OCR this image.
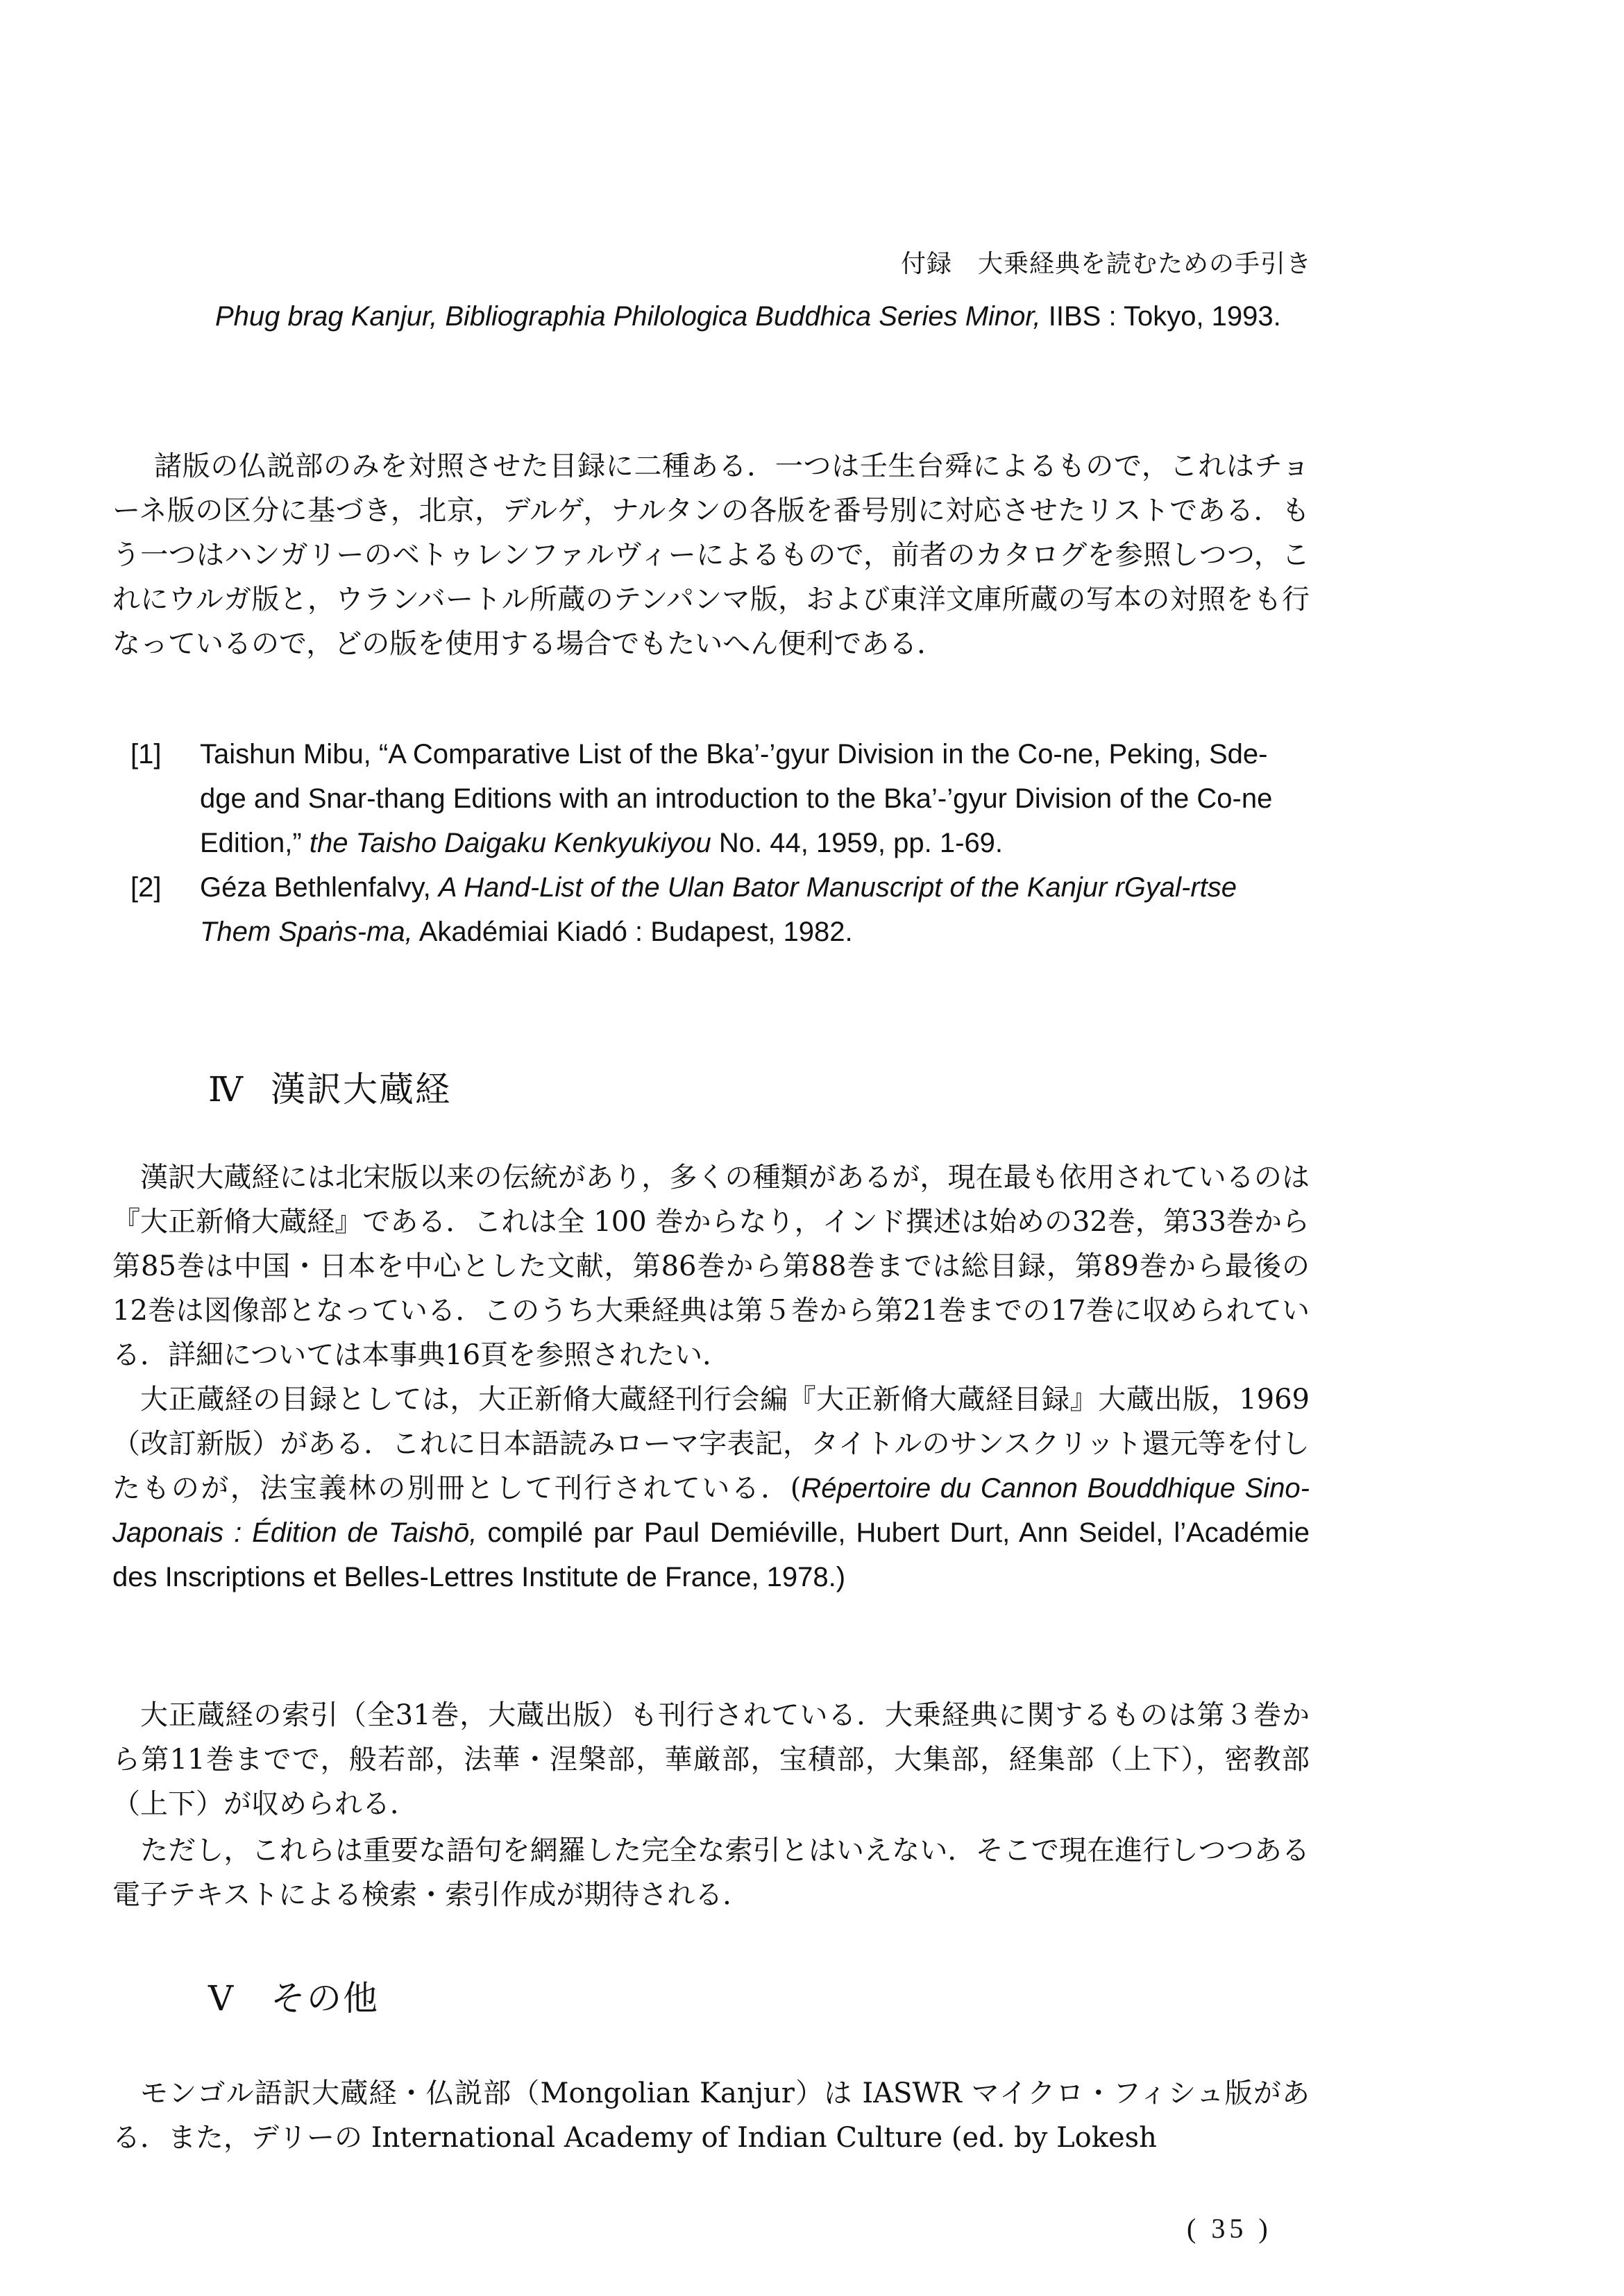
付録　大乗経典を読むための手引き
Phug brag Kanjur, Bibliographia Philologica Buddhica Series Minor, IIBS : Tokyo, 1993.
諸版の仏説部のみを対照させた目録に二種ある．一つは壬生台舜によるもので，これはチョーネ版の区分に基づき，北京，デルゲ，ナルタンの各版を番号別に対応させたリストである．もう一つはハンガリーのベトゥレンファルヴィーによるもので，前者のカタログを参照しつつ，これにウルガ版と，ウランバートル所蔵のテンパンマ版，および東洋文庫所蔵の写本の対照をも行なっているので，どの版を使用する場合でもたいへん便利である．
[1] Taishun Mibu, “A Comparative List of the Bka’-’gyur Division in the Co-ne, Peking, Sde-dge and Snar-thang Editions with an introduction to the Bka’-’gyur Division of the Co-ne Edition,” the Taisho Daigaku Kenkyukiyou No. 44, 1959, pp. 1-69.
[2] Géza Bethlenfalvy, A Hand-List of the Ulan Bator Manuscript of the Kanjur rGyal-rtse Them Spaṅs-ma, Akadémiai Kiadó : Budapest, 1982.
Ⅳ 漢訳大蔵経
漢訳大蔵経には北宋版以来の伝統があり，多くの種類があるが，現在最も依用されているのは『大正新脩大蔵経』である．これは全 100 巻からなり，インド撰述は始めの32巻，第33巻から第85巻は中国・日本を中心とした文献，第86巻から第88巻までは総目録，第89巻から最後の12巻は図像部となっている．このうち大乗経典は第５巻から第21巻までの17巻に収められている．詳細については本事典16頁を参照されたい．
大正蔵経の目録としては，大正新脩大蔵経刊行会編『大正新脩大蔵経目録』大蔵出版，1969（改訂新版）がある．これに日本語読みローマ字表記，タイトルのサンスクリット還元等を付したものが，法宝義林の別冊として刊行されている．(Répertoire du Cannon Bouddhique Sino-Japonais : Édition de Taishō, compilé par Paul Demiéville, Hubert Durt, Ann Seidel, l’Académie des Inscriptions et Belles-Lettres Institute de France, 1978.)
大正蔵経の索引（全31巻，大蔵出版）も刊行されている．大乗経典に関するものは第３巻から第11巻までで，般若部，法華・涅槃部，華厳部，宝積部，大集部，経集部（上下），密教部（上下）が収められる．
ただし，これらは重要な語句を網羅した完全な索引とはいえない．そこで現在進行しつつある電子テキストによる検索・索引作成が期待される．
Ⅴ その他
モンゴル語訳大蔵経・仏説部（Mongolian Kanjur）は IASWR マイクロ・フィシュ版がある．また，デリーの International Academy of Indian Culture (ed. by Lokesh
( 35 )
